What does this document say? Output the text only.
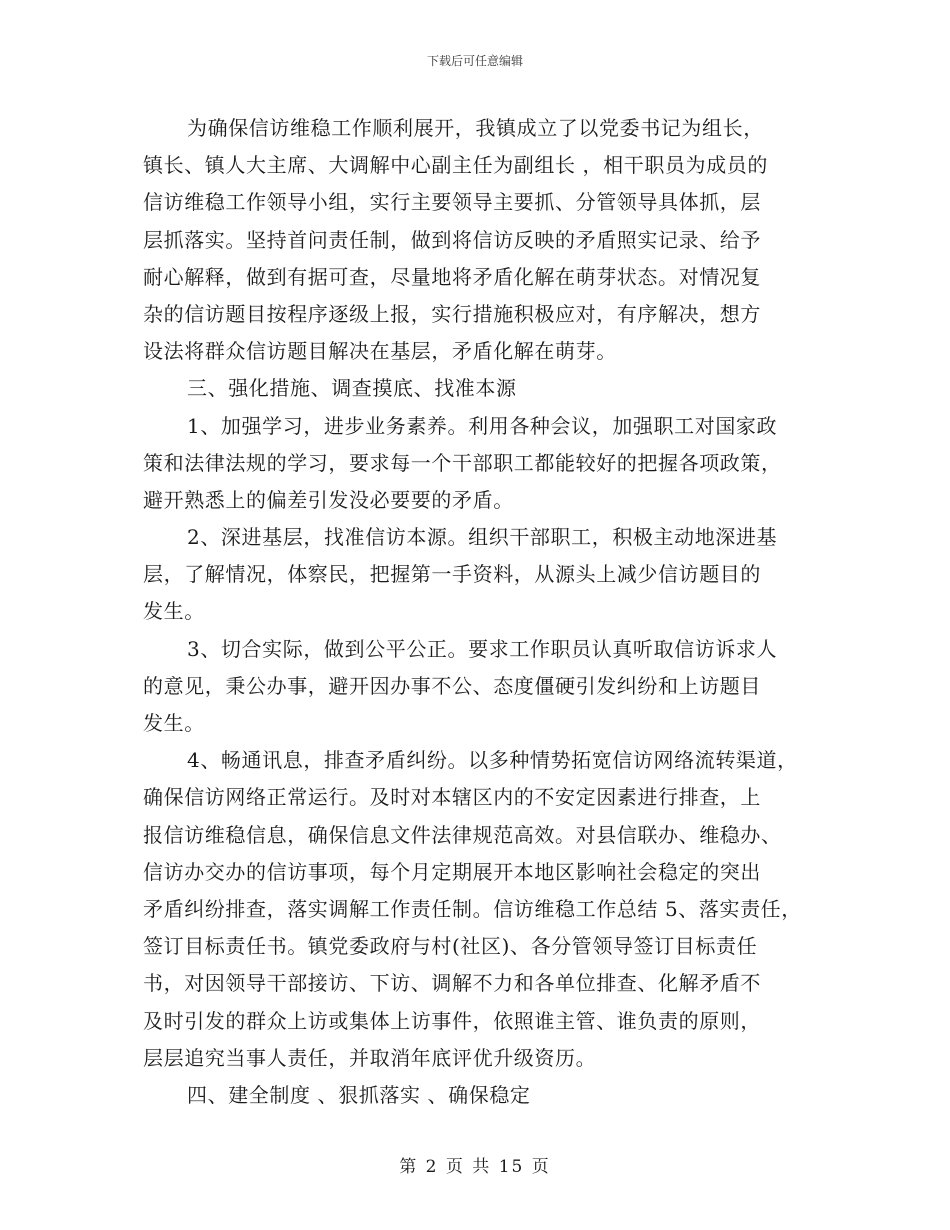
下载后可任意编辑
为确保信访维稳工作顺利展开，我镇成立了以党委书记为组长，
镇长、镇人大主席、大调解中心副主任为副组长 ，相干职员为成员的
信访维稳工作领导小组，实行主要领导主要抓、分管领导具体抓，层
层抓落实。坚持首问责任制，做到将信访反映的矛盾照实记录、给予
耐心解释，做到有据可查，尽量地将矛盾化解在萌芽状态。对情况复
杂的信访题目按程序逐级上报，实行措施积极应对，有序解决，想方
设法将群众信访题目解决在基层，矛盾化解在萌芽。
三、强化措施、调查摸底、找准本源
1、加强学习，进步业务素养。利用各种会议，加强职工对国家政
策和法律法规的学习，要求每一个干部职工都能较好的把握各项政策，
避开熟悉上的偏差引发没必要要的矛盾。
2、深进基层，找准信访本源。组织干部职工，积极主动地深进基
层，了解情况，体察民，把握第一手资料，从源头上减少信访题目的
发生。
3、切合实际，做到公平公正。要求工作职员认真听取信访诉求人
的意见，秉公办事，避开因办事不公、态度僵硬引发纠纷和上访题目
发生。
4、畅通讯息，排查矛盾纠纷。以多种情势拓宽信访网络流转渠道，
确保信访网络正常运行。及时对本辖区内的不安定因素进行排查，上
报信访维稳信息，确保信息文件法律规范高效。对县信联办、维稳办、
信访办交办的信访事项，每个月定期展开本地区影响社会稳定的突出
矛盾纠纷排查，落实调解工作责任制。信访维稳工作总结 5、落实责任，
签订目标责任书。镇党委政府与村(社区)、各分管领导签订目标责任
书，对因领导干部接访、下访、调解不力和各单位排查、化解矛盾不
及时引发的群众上访或集体上访事件，依照谁主管、谁负责的原则，
层层追究当事人责任，并取消年底评优升级资历。
四、建全制度 、狠抓落实 、确保稳定
第 2 页 共 15 页
